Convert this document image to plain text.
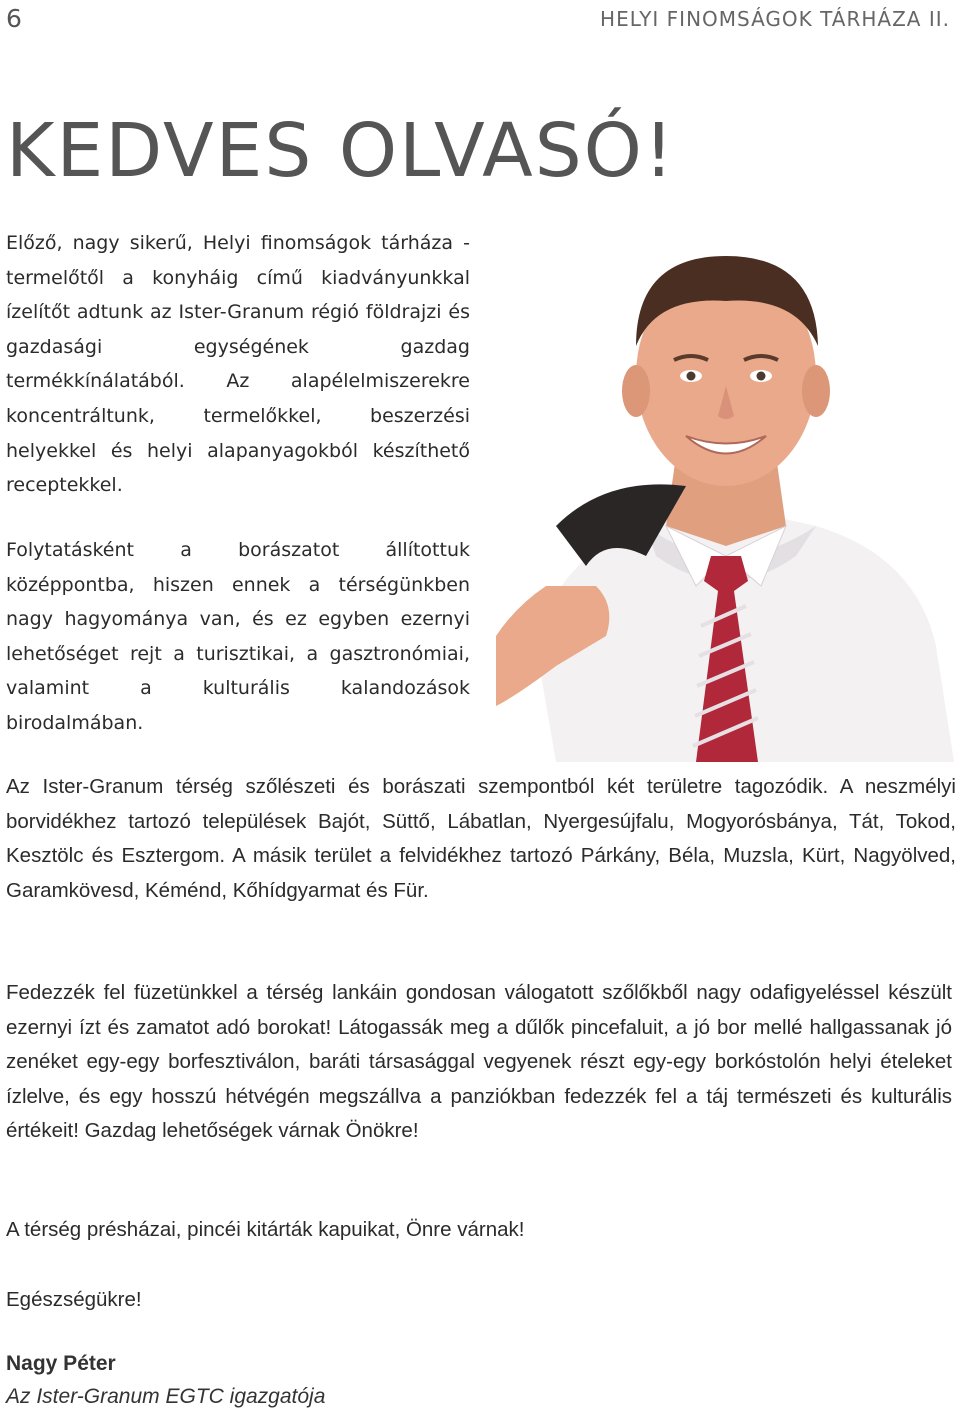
6	HELYI FINOMSÁGOK TÁRHÁZA II.
KEDVES OLVASÓ!

Előző, nagy sikerű, Helyi finomságok tárháza - termelőtől a konyháig című kiadványunkkal ízelítőt adtunk az Ister-Granum régió földrajzi és gazdasági egységének gazdag termékkínálatából. Az alapélelmiszerekre koncentráltunk, termelőkkel, beszerzési helyekkel és helyi alapanyagokból készíthető receptekkel.

Folytatásként a borászatot állítottuk középpontba, hiszen ennek a térségünkben nagy hagyománya van, és ez egyben ezernyi lehetőséget rejt a turisztikai, a gasztronómiai, valamint a kulturális kalandozások birodalmában.

Az Ister-Granum térség szőlészeti és borászati szempontból két területre tagozódik. A neszmélyi borvidékhez tartozó települések Bajót, Süttő, Lábatlan, Nyergesújfalu, Mogyorósbánya, Tát, Tokod, Kesztölc és Esztergom. A másik terület a felvidékhez tartozó Párkány, Béla, Muzsla, Kürt, Nagyölved, Garamkövesd, Kéménd, Kőhídgyarmat és Für.

Fedezzék fel füzetünkkel a térség lankáin gondosan válogatott szőlőkből nagy odafigyeléssel készült ezernyi ízt és zamatot adó borokat! Látogassák meg a dűlők pincefaluit, a jó bor mellé hallgassanak jó zenéket egy-egy borfesztiválon, baráti társasággal vegyenek részt egy-egy borkóstolón helyi ételeket ízlelve, és egy hosszú hétvégén megszállva a panziókban fedezzék fel a táj természeti és kulturális értékeit! Gazdag lehetőségek várnak Önökre!

A térség présházai, pincéi kitárták kapuikat, Önre várnak!

Egészségükre!

Nagy Péter

Az Ister-Granum EGTC igazgatója
